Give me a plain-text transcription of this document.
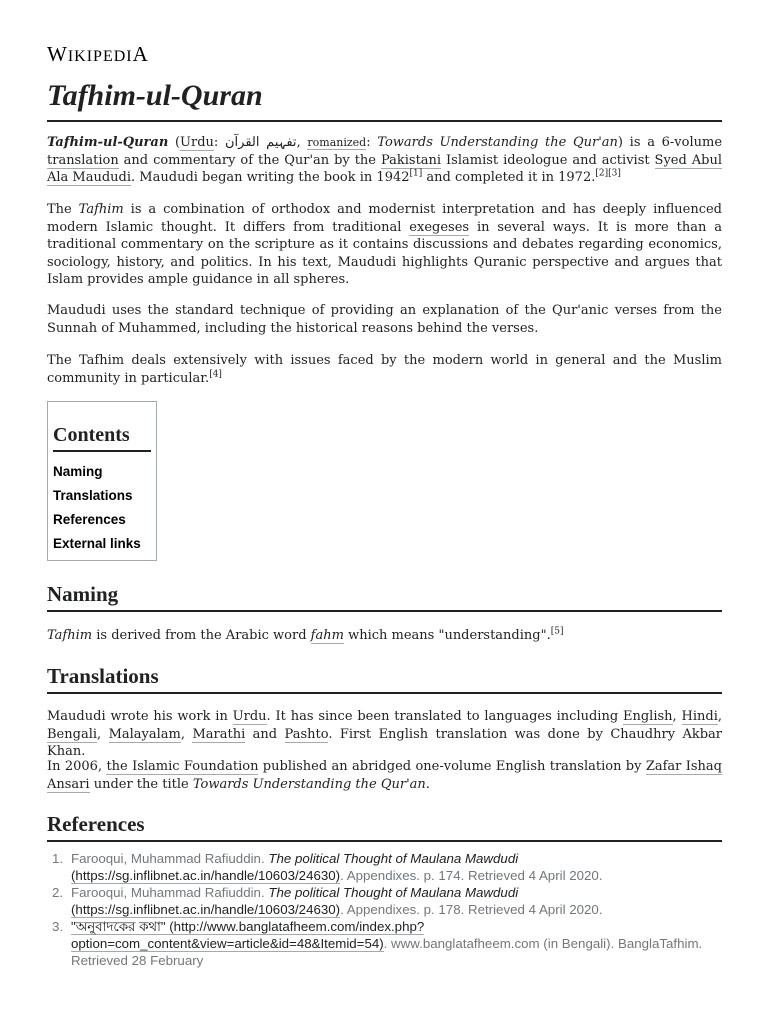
WIKIPEDIA
Tafhim-ul-Quran

Tafhim-ul-Quran (Urdu: تفہیم القرآن, romanized: Towards Understanding the Qur'an) is a 6-volume translation and commentary of the Qur'an by the Pakistani Islamist ideologue and activist Syed Abul Ala Maududi. Maududi began writing the book in 1942[1] and completed it in 1972.[2][3]

The Tafhim is a combination of orthodox and modernist interpretation and has deeply influenced modern Islamic thought. It differs from traditional exegeses in several ways. It is more than a traditional commentary on the scripture as it contains discussions and debates regarding economics, sociology, history, and politics. In his text, Maududi highlights Quranic perspective and argues that Islam provides ample guidance in all spheres.

Maududi uses the standard technique of providing an explanation of the Qur'anic verses from the Sunnah of Muhammed, including the historical reasons behind the verses.

The Tafhim deals extensively with issues faced by the modern world in general and the Muslim community in particular.[4]

Contents
Naming
Translations
References
External links
Naming

Tafhim is derived from the Arabic word fahm which means "understanding".[5]

Translations

Maududi wrote his work in Urdu. It has since been translated to languages including English, Hindi, Bengali, Malayalam, Marathi and Pashto. First English translation was done by Chaudhry Akbar Khan.

In 2006, the Islamic Foundation published an abridged one-volume English translation by Zafar Ishaq Ansari under the title Towards Understanding the Qur'an.

References
1. Farooqui, Muhammad Rafiuddin. The political Thought of Maulana Mawdudi (https://sg.inflibnet.ac.in/handle/10603/24630). Appendixes. p. 174. Retrieved 4 April 2020.
2. Farooqui, Muhammad Rafiuddin. The political Thought of Maulana Mawdudi (https://sg.inflibnet.ac.in/handle/10603/24630). Appendixes. p. 178. Retrieved 4 April 2020.
3. "অনুবাদকের কথা" (http://www.banglatafheem.com/index.php?option=com_content&view=article&id=48&Itemid=54). www.banglatafheem.com (in Bengali). BanglaTafhim. Retrieved 28 February
